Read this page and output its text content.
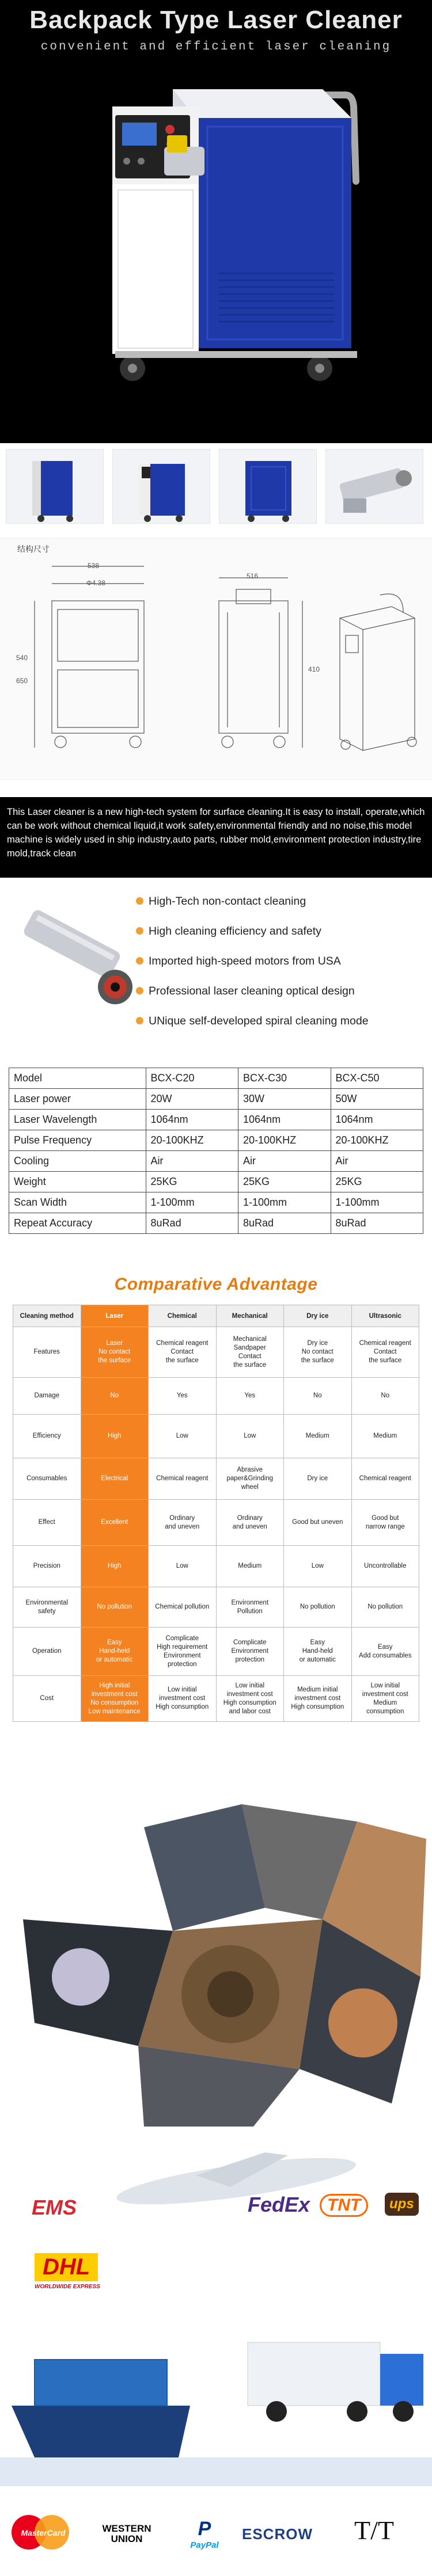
Backpack Type Laser Cleaner
convenient and efficient laser cleaning
结构尺寸
538
Φ4.38
540
650
516
410

This Laser cleaner is a new high-tech system for surface cleaning.It is easy to install, operate,which can be work without chemical liquid,it work safety,environmental friendly and no noise,this model machine is widely used in ship industry,auto parts, rubber mold,environment protection industry,tire mold,track clean

High-Tech non-contact cleaning
High cleaning efficiency and safety
Imported high-speed motors from USA
Professional laser cleaning optical design
UNique self-developed spiral cleaning mode
Model	BCX-C20	BCX-C30	BCX-C50
Laser power	20W	30W	50W
Laser Wavelength	1064nm	1064nm	1064nm
Pulse Frequency	20-100KHZ	20-100KHZ	20-100KHZ
Cooling	Air	Air	Air
Weight	25KG	25KG	25KG
Scan Width	1-100mm	1-100mm	1-100mm
Repeat Accuracy	8uRad	8uRad	8uRad
Comparative Advantage
Cleaning method	Laser	Chemical	Mechanical	Dry ice	Ultrasonic
Features	Laser
No contact
the surface	Chemical reagent
Contact
the surface	Mechanical
Sandpaper
Contact
the surface	Dry ice
No contact
the surface	Chemical reagent
Contact
the surface
Damage	No	Yes	Yes	No	No
Efficiency	High	Low	Low	Medium	Medium
Consumables	Electrical	Chemical reagent	Abrasive
paper&Grinding
wheel	Dry ice	Chemical reagent
Effect	Excellent	Ordinary
and uneven	Ordinary
and uneven	Good but uneven	Good but
narrow range
Precision	High	Low	Medium	Low	Uncontrollable
Environmental
safety	No pollution	Chemical pollution	Environment
Pollution	No pollution	No pollution
Operation	Easy
Hand-held
or automatic	Complicate
High requirement
Environment
protection	Complicate
Environment
protection	Easy
Hand-held
or automatic	Easy
Add consumables
Cost	High initial
investment cost
No consumption
Low maintenance	Low initial
investment cost
High consumption	Low initial
investment cost
High consumption
and labor cost	Medium initial
investment cost
High consumption	Low initial
investment cost
Medium
consumption
EMS	FedEx TNT	ups
DHL
WORLDWIDE EXPRESS
MasterCard	WESTERN UNION	P
PayPal
ESCROW T/T
